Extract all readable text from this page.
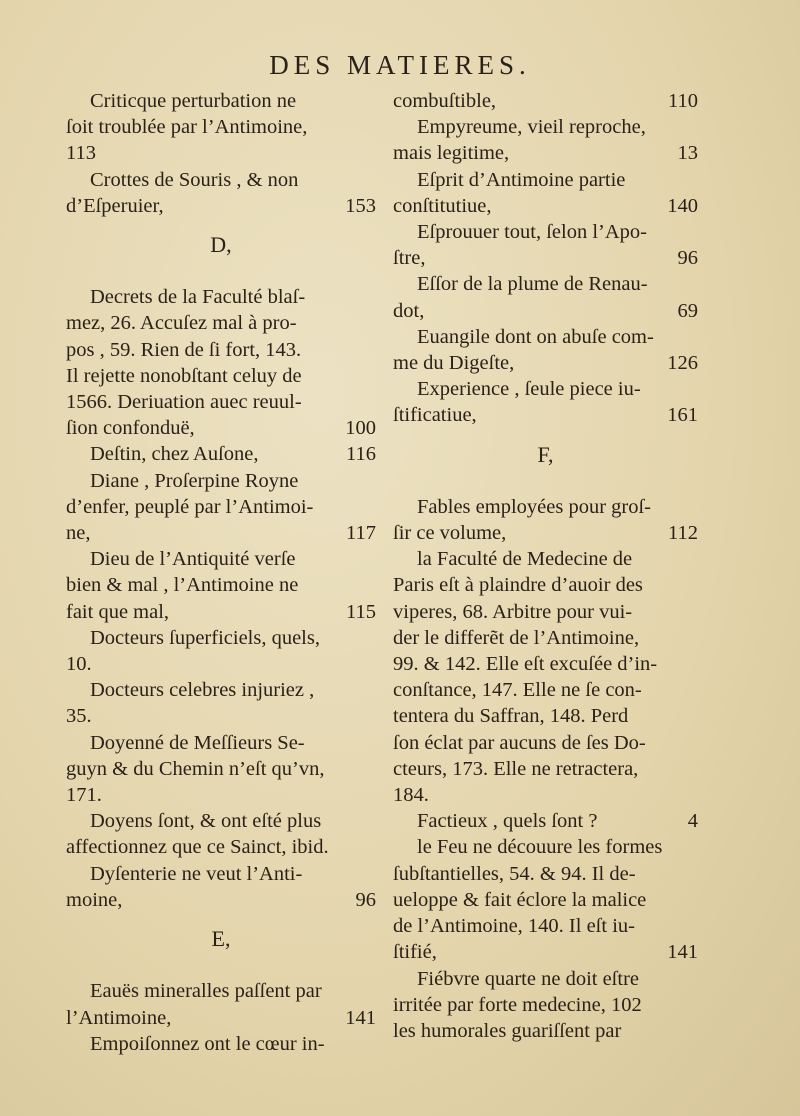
DES MATIERES.
Criticque perturbation ne
ſoit troublée par l’Antimoine,
113
Crottes de Souris , & non
d’Eſperuier,	153
D,
Decrets de la Faculté blaſ-
mez, 26. Accuſez mal à pro-
pos , 59. Rien de ſi fort, 143.
Il rejette nonobſtant celuy de
1566. Deriuation auec reuul-
ſion confonduë,	100
Deſtin, chez Auſone,	116
Diane , Proſerpine Royne
d’enfer, peuplé par l’Antimoi-
ne,	117
Dieu de l’Antiquité verſe
bien & mal , l’Antimoine ne
fait que mal,	115
Docteurs ſuperficiels, quels,
10.
Docteurs celebres injuriez ,
35.
Doyenné de Meſſieurs Se-
guyn & du Chemin n’eſt qu’vn,
171.
Doyens ſont, & ont eſté plus
affectionnez que ce Sainct, ibid.
Dyſenterie ne veut l’Anti-
moine,	96
E,
Eauës mineralles paſſent par
l’Antimoine,	141
Empoiſonnez ont le cœur in-
combuſtible,	110
Empyreume, vieil reproche,
mais legitime,	13
Eſprit d’Antimoine partie
conſtitutiue,	140
Eſprouuer tout, ſelon l’Apo-
ſtre,	96
Eſſor de la plume de Renau-
dot,	69
Euangile dont on abuſe com-
me du Digeſte,	126
Experience , ſeule piece iu-
ſtificatiue,	161
F,
Fables employées pour groſ-
ſir ce volume,	112
la Faculté de Medecine de
Paris eſt à plaindre d’auoir des
viperes, 68. Arbitre pour vui-
der le differẽt de l’Antimoine,
99. & 142. Elle eſt excuſée d’in-
conſtance, 147. Elle ne ſe con-
tentera du Saffran, 148. Perd
ſon éclat par aucuns de ſes Do-
cteurs, 173. Elle ne retractera,
184.
Factieux , quels ſont ?	4
le Feu ne découure les formes
ſubſtantielles, 54. & 94. Il de-
ueloppe & fait éclore la malice
de l’Antimoine, 140. Il eſt iu-
ſtifié,	141
Fiébvre quarte ne doit eſtre
irritée par forte medecine, 102
les humorales guariſſent par
